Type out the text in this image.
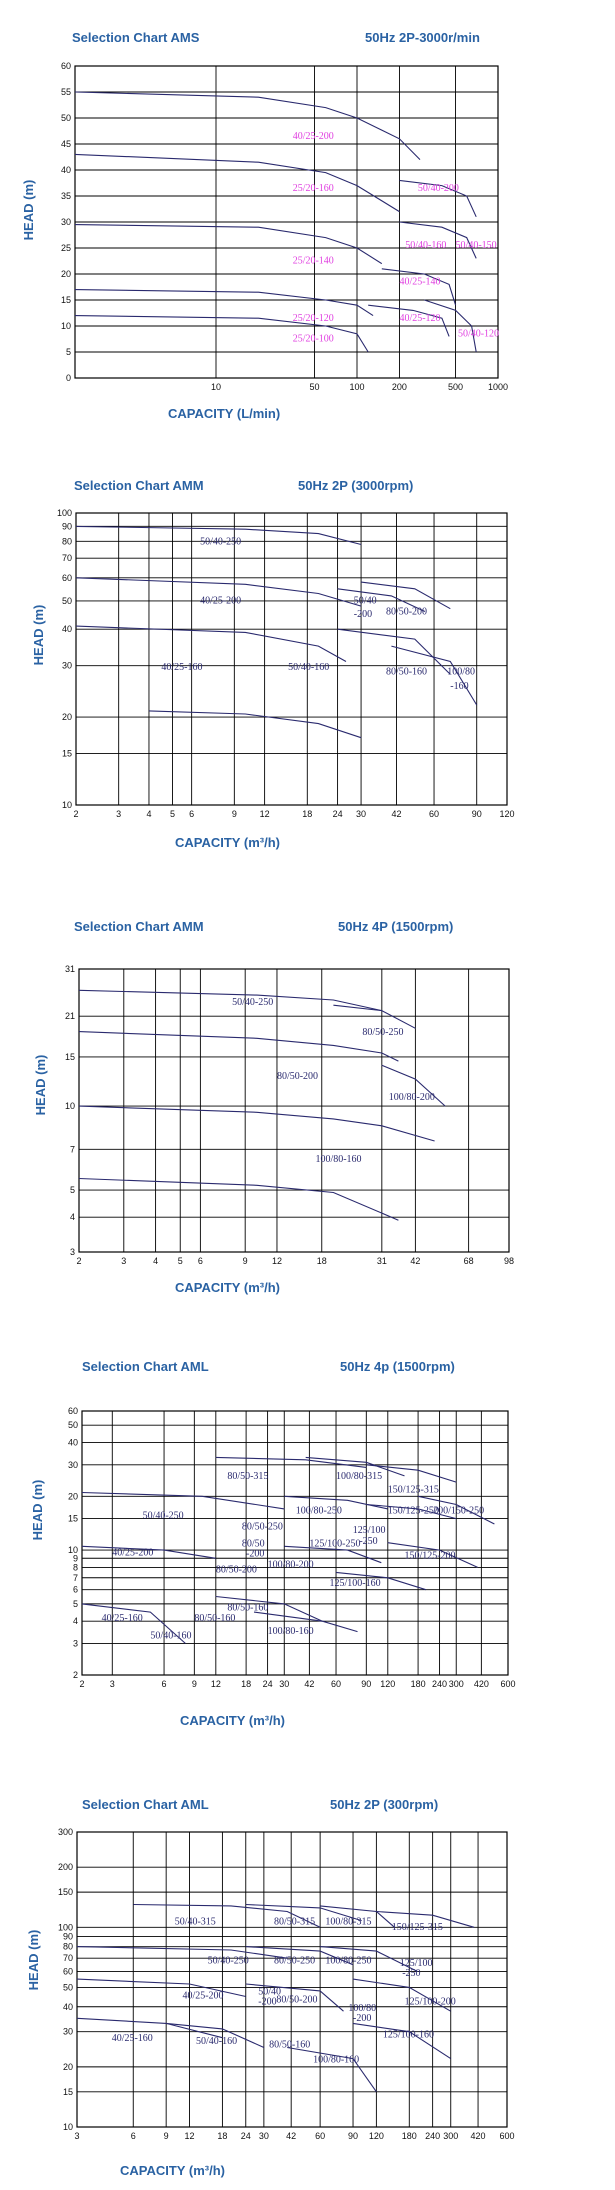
Selection Chart AMS	50Hz 2P-3000r/min
CAPACITY (L/min)
HEAD (m)
10	50	100	200	500	1000
0
5
10
15
20
25
30
35
40
45
50
55
60
40/25-200
25/20-160
25/20-140
25/20-120
25/20-100
50/40-200
50/40-160 50/40-150
40/25-140
40/25-120
50/40-120
Selection Chart AMM	50Hz 2P (3000rpm)
CAPACITY (m³/h)
HEAD (m)
2	3	4 5 6	9	12	18 24 30	42	60	90 120
10
15
20
30
40
50
60
70
80
90
100
50/40-250
40/25-200
40/25-160	50/40-160
50/40
-200 80/50-200
80/50-160 100/80
-160
Selection Chart AMM	50Hz 4P (1500rpm)
CAPACITY (m³/h)
HEAD (m)
2	3	4 5 6	9	12	18	31	42	68	98
3
4
5
7
10
15
21
31
50/40-250
80/50-250
80/50-200
100/80-200
100/80-160
Selection Chart AML	50Hz 4p (1500rpm)
CAPACITY (m³/h)
HEAD (m)
2	3	6	9 12 18 24 30 42 60 90 120 180 240 300 420 600
2
3
4
5
6
7
8
9
10
15
20
30
40
50
60
80/50-315	100/80-315
150/125-315
50/40-250
80/50-250
100/80-250
125/100-250
150/125-250
200/150-250
40/25-200
80/50-200
80/50
-200
100/80-200
125/100
-250
150/125-200
125/100-160
40/25-160	80/50-160
50/40-160
80/50-160
100/80-160
Selection Chart AML	50Hz 2P (300rpm)
CAPACITY (m³/h)
HEAD (m)
3	6	9 12	18 24 30 42 60	90 120 180 240 300 420 600
10
15
20
30
40
50
60
70
80
90
100
150
200
300
50/40-315	80/50-315 100/80-315 150/125-315
50/40-250	80/50-250 100/80-250	125/100
-250
40/25-200	50/40
-200 80/50-200
100/80
-200
125/100-200
40/25-160	50/40-160	80/50-160
100/80-160
125/100-160
